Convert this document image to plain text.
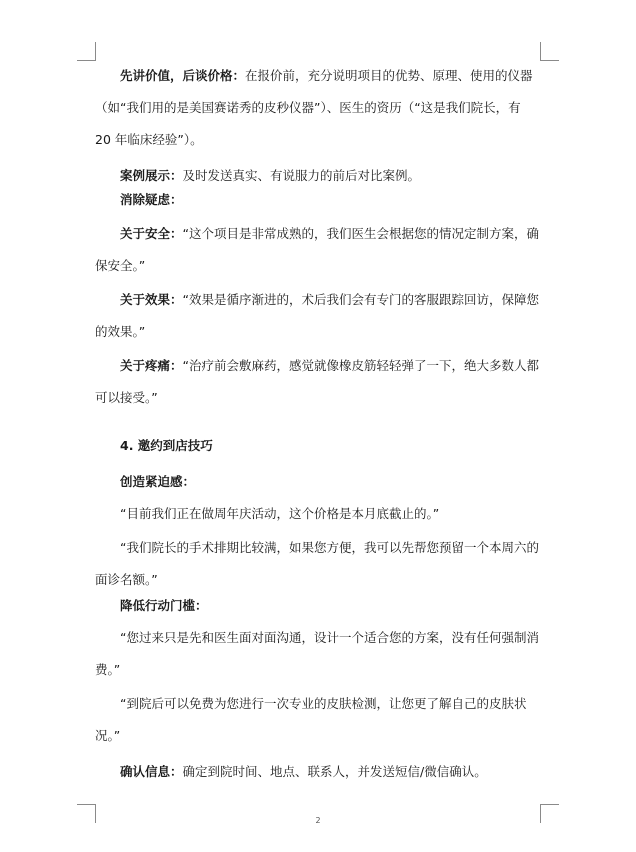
先讲价值，后谈价格：在报价前，充分说明项目的优势、原理、使用的仪器（如“我们用的是美国赛诺秀的皮秒仪器”）、医生的资历（“这是我们院长，有 20 年临床经验”）。

案例展示：及时发送真实、有说服力的前后对比案例。

消除疑虑：

关于安全：“这个项目是非常成熟的，我们医生会根据您的情况定制方案，确保安全。”

关于效果：“效果是循序渐进的，术后我们会有专门的客服跟踪回访，保障您的效果。”

关于疼痛：“治疗前会敷麻药，感觉就像橡皮筋轻轻弹了一下，绝大多数人都可以接受。”

4. 邀约到店技巧

创造紧迫感：

“目前我们正在做周年庆活动，这个价格是本月底截止的。”

“我们院长的手术排期比较满，如果您方便，我可以先帮您预留一个本周六的面诊名额。”

降低行动门槛：

“您过来只是先和医生面对面沟通，设计一个适合您的方案，没有任何强制消费。”

“到院后可以免费为您进行一次专业的皮肤检测，让您更了解自己的皮肤状况。”

确认信息：确定到院时间、地点、联系人，并发送短信/微信确认。

2
